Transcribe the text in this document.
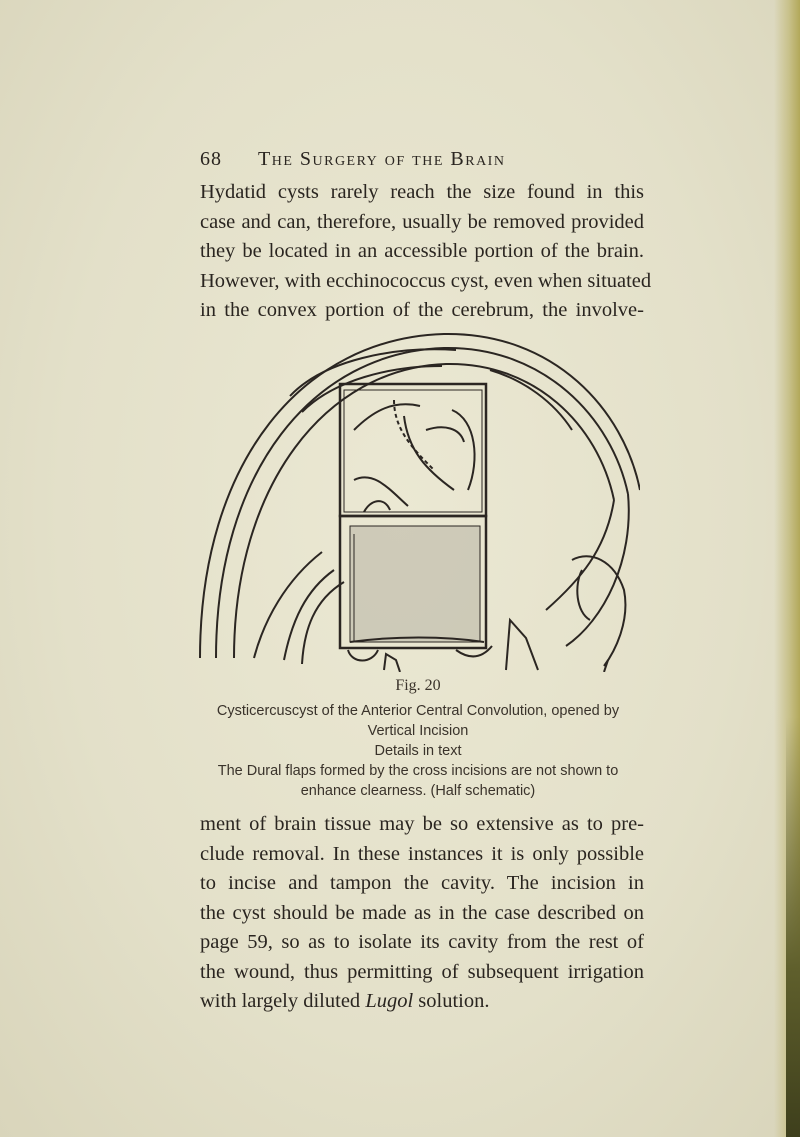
68 The Surgery of the Brain
Hydatid cysts rarely reach the size found in this
case and can, therefore, usually be removed provided
they be located in an accessible portion of the brain.
However, with ecchinococcus cyst, even when situated
in the convex portion of the cerebrum, the involve-
Fig. 20
Cysticercuscyst of the Anterior Central Convolution, opened by Vertical Incision
Details in text
The Dural flaps formed by the cross incisions are not shown to enhance clearness. (Half schematic)
ment of brain tissue may be so extensive as to pre-
clude removal. In these instances it is only possible
to incise and tampon the cavity. The incision in
the cyst should be made as in the case described on
page 59, so as to isolate its cavity from the rest of
the wound, thus permitting of subsequent irrigation
with largely diluted Lugol solution.
